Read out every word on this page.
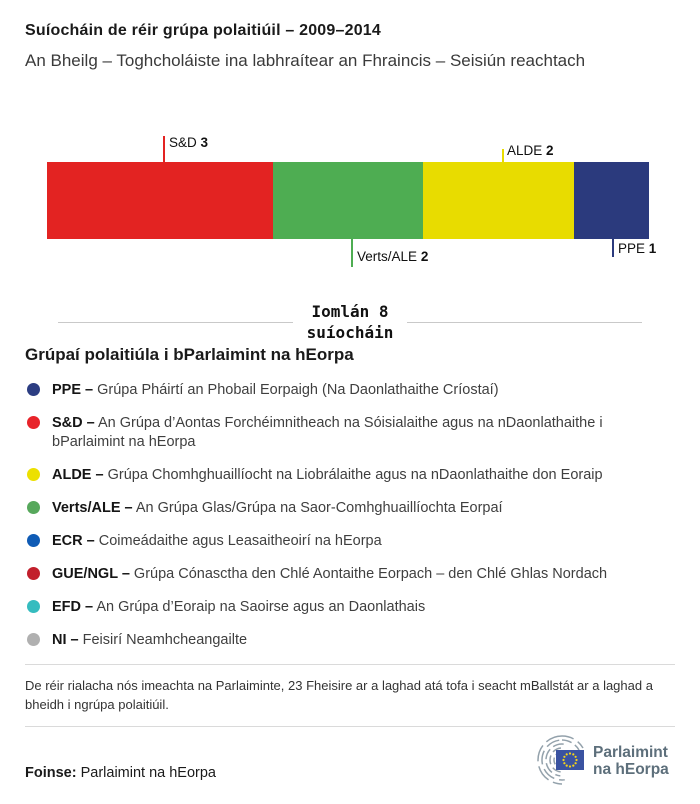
Suíocháin de réir grúpa polaitiúil – 2009–2014
An Bheilg – Toghcholáiste ina labhraítear an Fhraincis – Seisiún reachtach
S&D 3
ALDE 2
Verts/ALE 2
PPE 1
Iomlán 8
suíocháin
Grúpaí polaitiúla i bParlaimint na hEorpa
PPE – Grúpa Pháirtí an Phobail Eorpaigh (Na Daonlathaithe Críostaí)
S&D – An Grúpa d’Aontas Forchéimnitheach na Sóisialaithe agus na nDaonlathaithe i bParlaimint na hEorpa
ALDE – Grúpa Chomhghuaillíocht na Liobrálaithe agus na nDaonlathaithe don Eoraip
Verts/ALE – An Grúpa Glas/Grúpa na Saor-Comhghuaillíochta Eorpaí
ECR – Coimeádaithe agus Leasaitheoirí na hEorpa
GUE/NGL – Grúpa Cónasctha den Chlé Aontaithe Eorpach – den Chlé Ghlas Nordach
EFD – An Grúpa d’Eoraip na Saoirse agus an Daonlathais
NI – Feisirí Neamhcheangailte
De réir rialacha nós imeachta na Parlaiminte, 23 Fheisire ar a laghad atá tofa i seacht mBallstát ar a laghad a bheidh i ngrúpa polaitiúil.
Foinse: Parlaimint na hEorpa
Parlaimint
na hEorpa
